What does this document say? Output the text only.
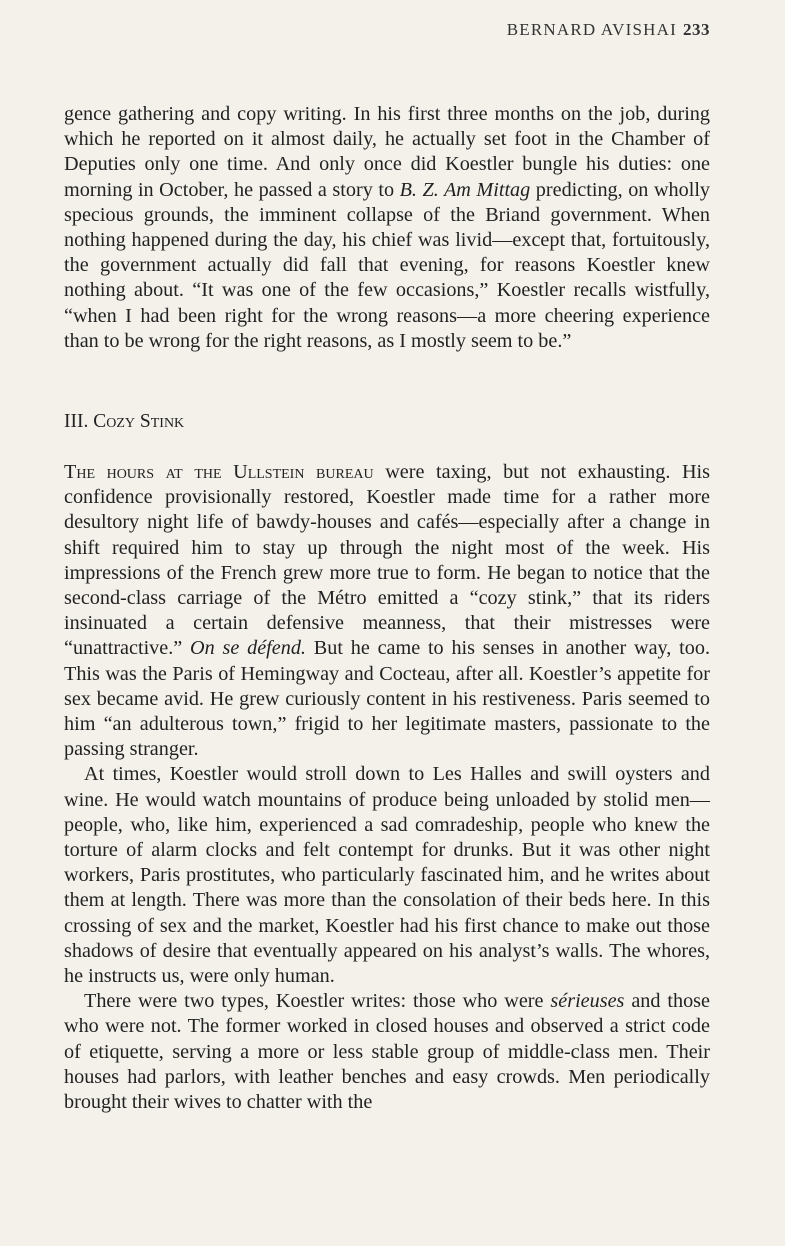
BERNARD AVISHAI 233

gence gathering and copy writing. In his first three months on the job, during which he reported on it almost daily, he actually set foot in the Chamber of Deputies only one time. And only once did Koestler bungle his duties: one morning in October, he passed a story to B. Z. Am Mittag predicting, on wholly specious grounds, the imminent collapse of the Briand government. When nothing happened during the day, his chief was livid—except that, fortuitously, the government actually did fall that evening, for reasons Koestler knew nothing about. “It was one of the few occasions,” Koestler recalls wistfully, “when I had been right for the wrong reasons—a more cheering experience than to be wrong for the right reasons, as I mostly seem to be.”

III. Cozy Stink

The hours at the Ullstein bureau were taxing, but not exhausting. His confidence provisionally restored, Koestler made time for a rather more desultory night life of bawdy-houses and cafés—especially after a change in shift required him to stay up through the night most of the week. His impressions of the French grew more true to form. He began to notice that the second-class carriage of the Métro emitted a “cozy stink,” that its riders insinuated a certain defensive meanness, that their mistresses were “unattractive.” On se défend. But he came to his senses in another way, too. This was the Paris of Hemingway and Cocteau, after all. Koestler’s appetite for sex became avid. He grew curiously content in his restiveness. Paris seemed to him “an adulterous town,” frigid to her legitimate masters, passionate to the passing stranger.

At times, Koestler would stroll down to Les Halles and swill oysters and wine. He would watch mountains of produce being unloaded by stolid men—people, who, like him, experienced a sad comradeship, people who knew the torture of alarm clocks and felt contempt for drunks. But it was other night workers, Paris prostitutes, who particularly fascinated him, and he writes about them at length. There was more than the consolation of their beds here. In this crossing of sex and the market, Koestler had his first chance to make out those shadows of desire that eventually appeared on his analyst’s walls. The whores, he instructs us, were only human.

There were two types, Koestler writes: those who were sérieuses and those who were not. The former worked in closed houses and observed a strict code of etiquette, serving a more or less stable group of middle-class men. Their houses had parlors, with leather benches and easy crowds. Men periodically brought their wives to chatter with the
